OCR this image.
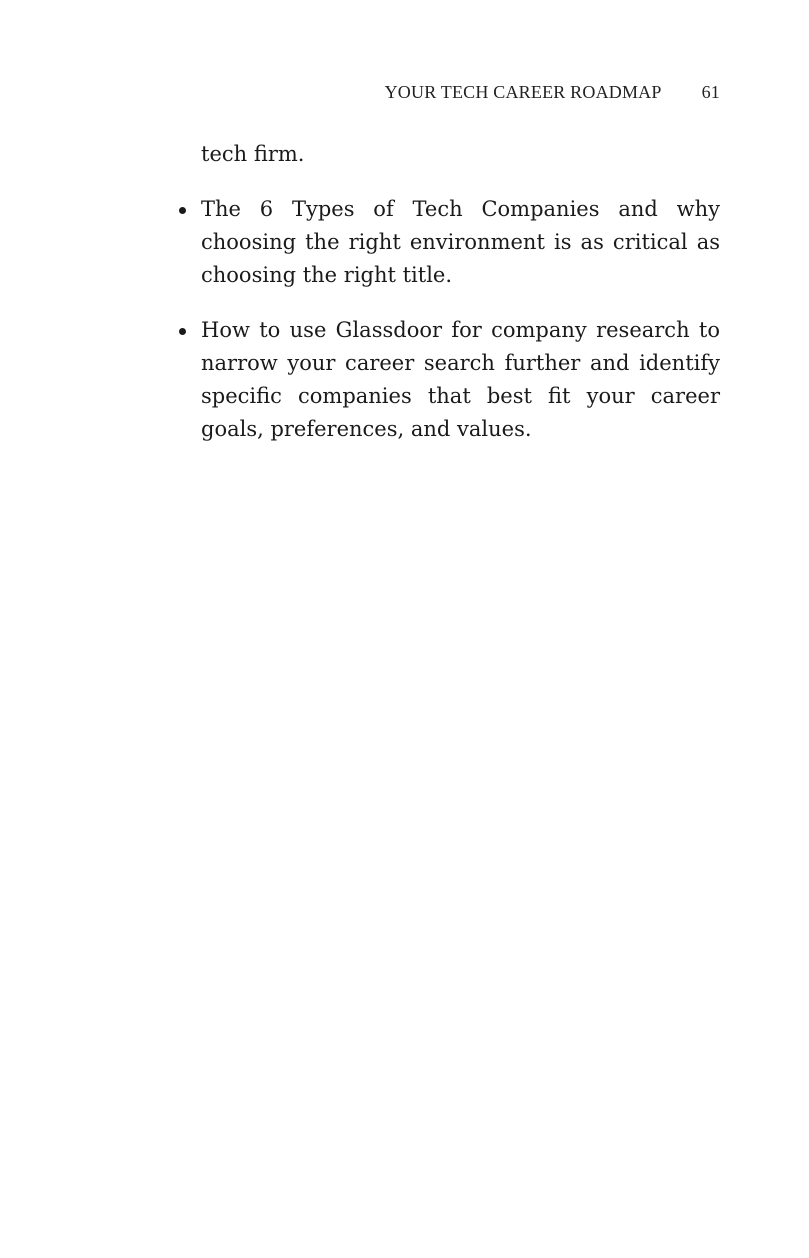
YOUR TECH CAREER ROADMAP 61

tech firm.

The 6 Types of Tech Companies and why choosing the right environment is as critical as choosing the right title.
How to use Glassdoor for company research to narrow your career search further and identify specific companies that best fit your career goals, preferences, and values.
